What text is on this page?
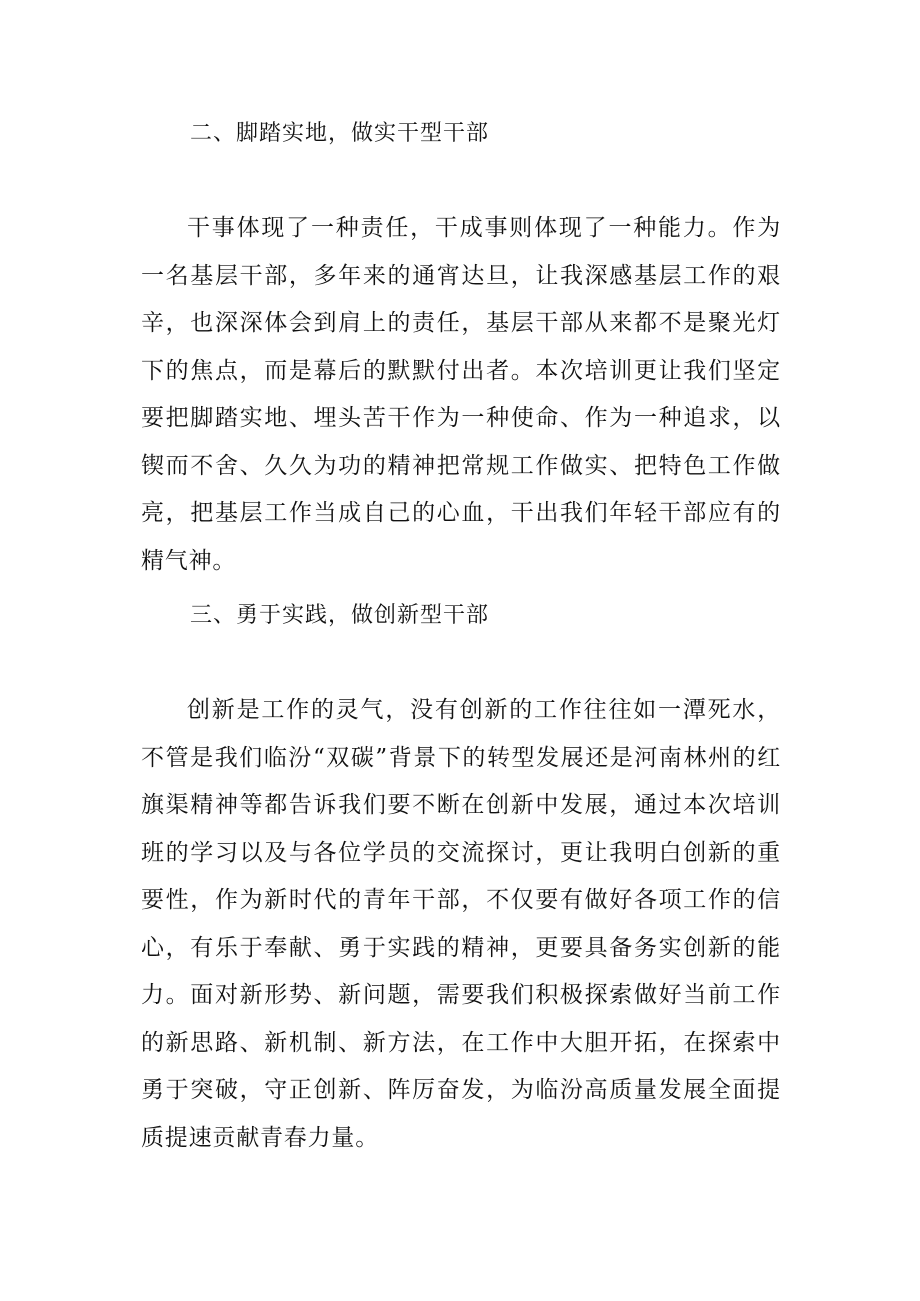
二、脚踏实地，做实干型干部

干事体现了一种责任，干成事则体现了一种能力。作为一名基层干部，多年来的通宵达旦，让我深感基层工作的艰辛，也深深体会到肩上的责任，基层干部从来都不是聚光灯下的焦点，而是幕后的默默付出者。本次培训更让我们坚定要把脚踏实地、埋头苦干作为一种使命、作为一种追求，以锲而不舍、久久为功的精神把常规工作做实、把特色工作做亮，把基层工作当成自己的心血，干出我们年轻干部应有的精气神。

三、勇于实践，做创新型干部

创新是工作的灵气，没有创新的工作往往如一潭死水，不管是我们临汾“双碳”背景下的转型发展还是河南林州的红旗渠精神等都告诉我们要不断在创新中发展，通过本次培训班的学习以及与各位学员的交流探讨，更让我明白创新的重要性，作为新时代的青年干部，不仅要有做好各项工作的信心，有乐于奉献、勇于实践的精神，更要具备务实创新的能力。面对新形势、新问题，需要我们积极探索做好当前工作的新思路、新机制、新方法，在工作中大胆开拓，在探索中勇于突破，守正创新、阵厉奋发，为临汾高质量发展全面提质提速贡献青春力量。
